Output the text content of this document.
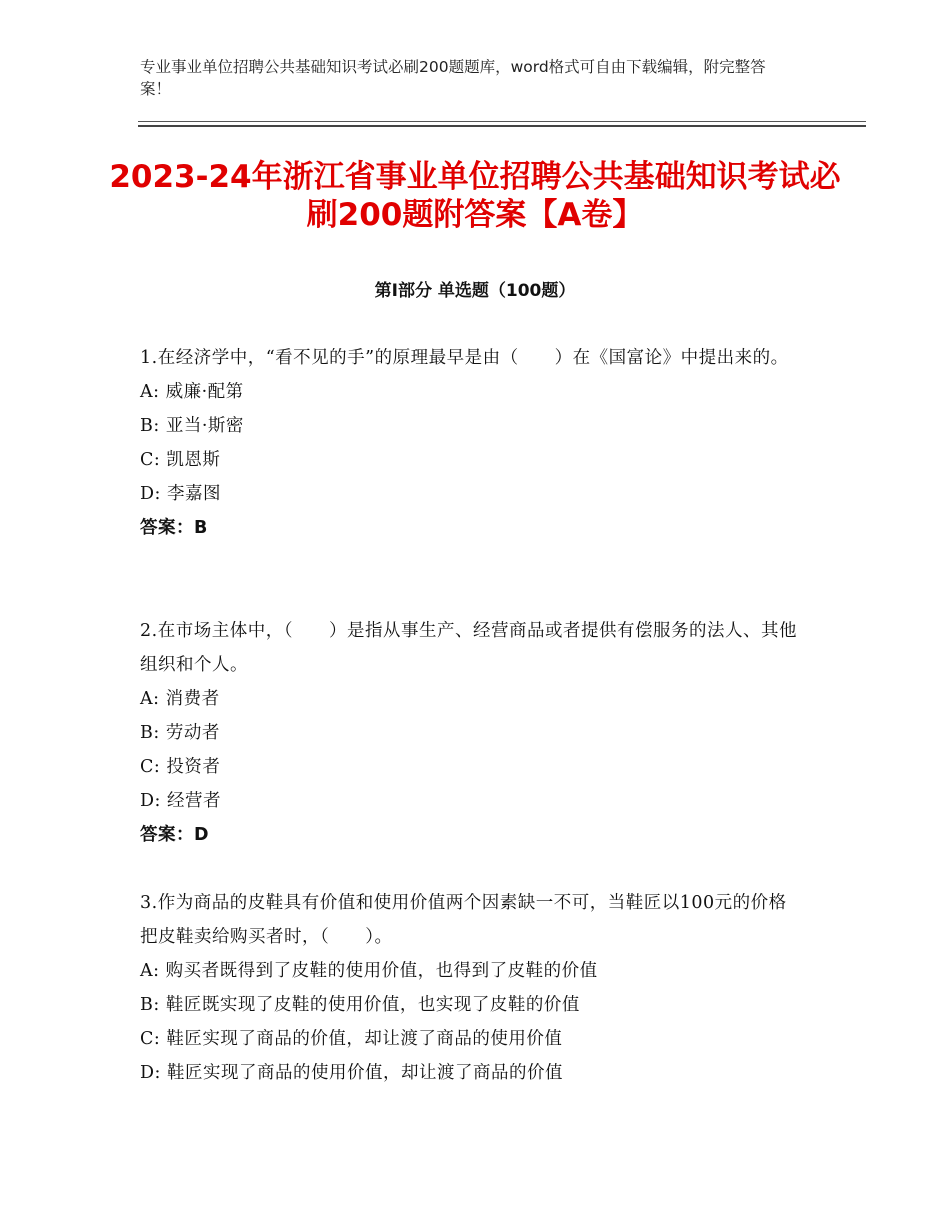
专业事业单位招聘公共基础知识考试必刷200题题库，word格式可自由下载编辑，附完整答案！
2023-24年浙江省事业单位招聘公共基础知识考试必刷200题附答案【A卷】
第Ⅰ部分 单选题（100题）

1.在经济学中，“看不见的手”的原理最早是由（　　）在《国富论》中提出来的。

A: 威廉·配第

B: 亚当·斯密

C: 凯恩斯

D: 李嘉图

答案：B

2.在市场主体中，（　　）是指从事生产、经营商品或者提供有偿服务的法人、其他组织和个人。

A: 消费者

B: 劳动者

C: 投资者

D: 经营者

答案：D

3.作为商品的皮鞋具有价值和使用价值两个因素缺一不可，当鞋匠以100元的价格把皮鞋卖给购买者时，（　　）。

A: 购买者既得到了皮鞋的使用价值，也得到了皮鞋的价值

B: 鞋匠既实现了皮鞋的使用价值，也实现了皮鞋的价值

C: 鞋匠实现了商品的价值，却让渡了商品的使用价值

D: 鞋匠实现了商品的使用价值，却让渡了商品的价值
